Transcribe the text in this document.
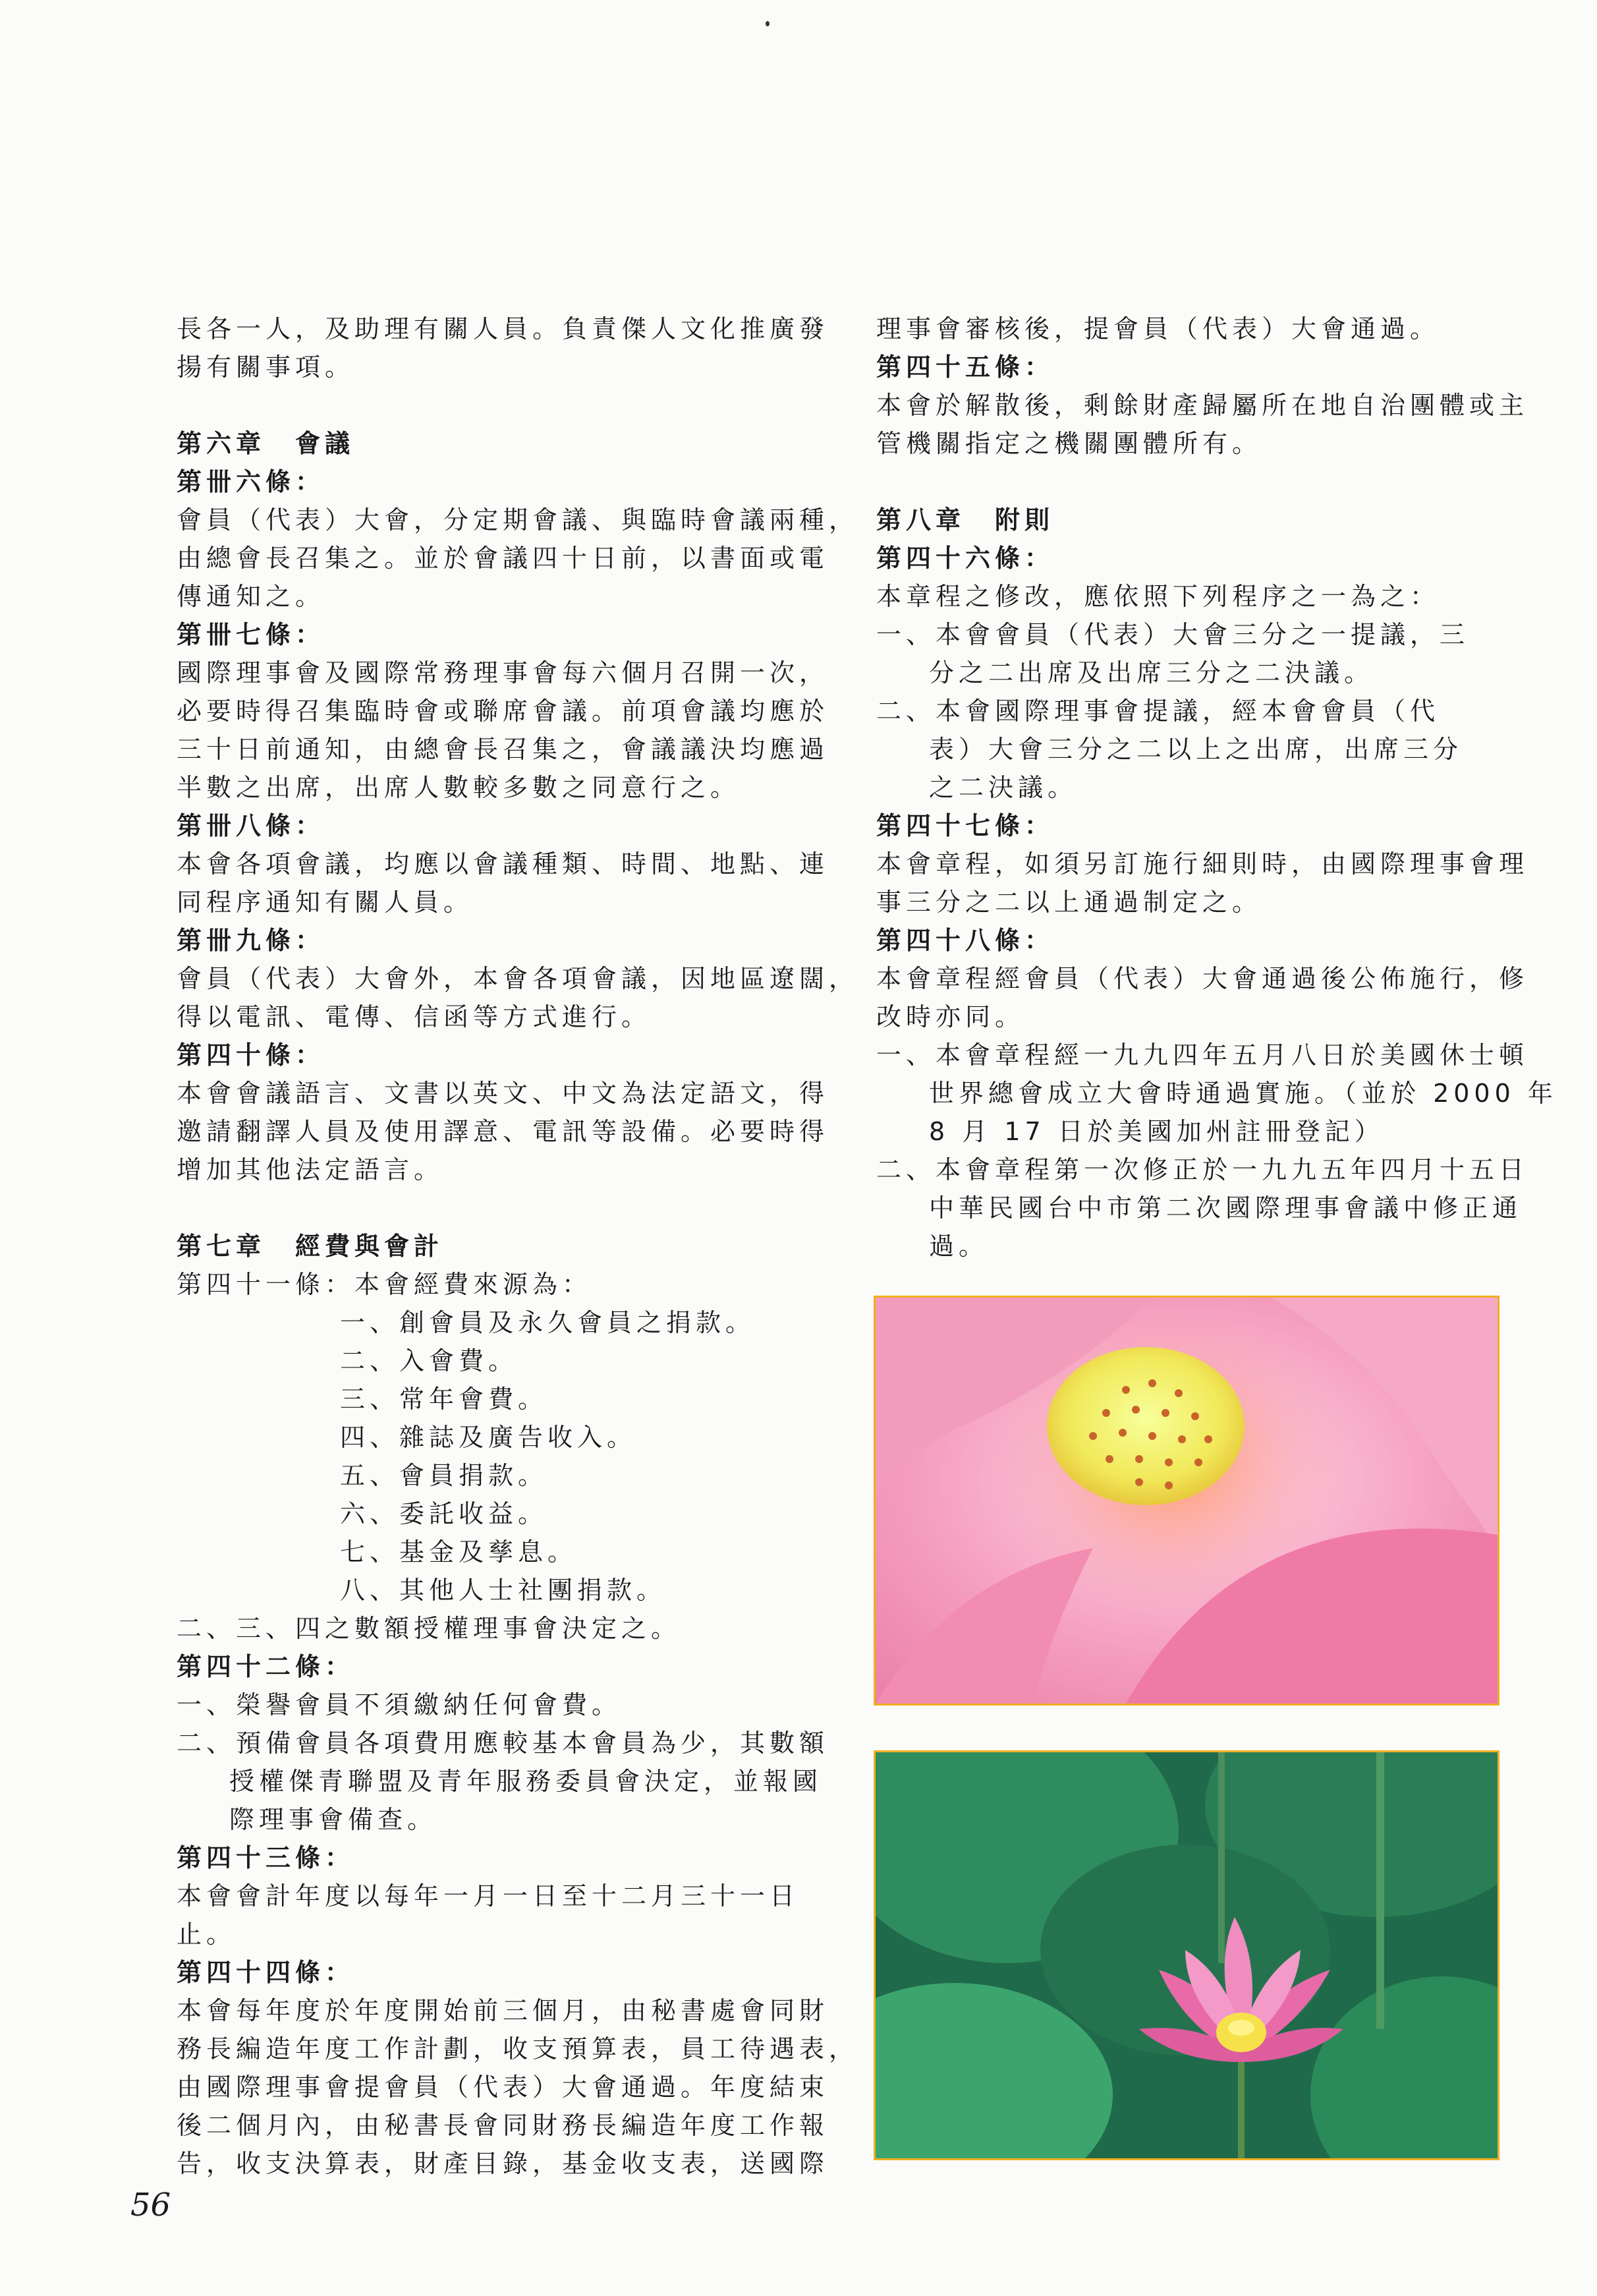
長各一人，及助理有關人員。負責傑人文化推廣發

揚有關事項。

第六章　會議

第卌六條：

會員（代表）大會，分定期會議、與臨時會議兩種，

由總會長召集之。並於會議四十日前，以書面或電

傳通知之。

第卌七條：

國際理事會及國際常務理事會每六個月召開一次，

必要時得召集臨時會或聯席會議。前項會議均應於

三十日前通知，由總會長召集之，會議議決均應過

半數之出席，出席人數較多數之同意行之。

第卌八條：

本會各項會議，均應以會議種類、時間、地點、連

同程序通知有關人員。

第卌九條：

會員（代表）大會外，本會各項會議，因地區遼闊，

得以電訊、電傳、信函等方式進行。

第四十條：

本會會議語言、文書以英文、中文為法定語文，得

邀請翻譯人員及使用譯意、電訊等設備。必要時得

增加其他法定語言。

第七章　經費與會計

第四十一條：本會經費來源為：

一、創會員及永久會員之捐款。

二、入會費。

三、常年會費。

四、雜誌及廣告收入。

五、會員捐款。

六、委託收益。

七、基金及孳息。

八、其他人士社團捐款。

二、三、四之數額授權理事會決定之。

第四十二條：

一、榮譽會員不須繳納任何會費。

二、預備會員各項費用應較基本會員為少，其數額

授權傑青聯盟及青年服務委員會決定，並報國

際理事會備查。

第四十三條：

本會會計年度以每年一月一日至十二月三十一日

止。

第四十四條：

本會每年度於年度開始前三個月，由秘書處會同財

務長編造年度工作計劃，收支預算表，員工待遇表，

由國際理事會提會員（代表）大會通過。年度結束

後二個月內，由秘書長會同財務長編造年度工作報

告，收支決算表，財產目錄，基金收支表，送國際

理事會審核後，提會員（代表）大會通過。

第四十五條：

本會於解散後，剩餘財產歸屬所在地自治團體或主

管機關指定之機關團體所有。

第八章　附則

第四十六條：

本章程之修改，應依照下列程序之一為之：

一、本會會員（代表）大會三分之一提議，三

分之二出席及出席三分之二決議。

二、本會國際理事會提議，經本會會員（代

表）大會三分之二以上之出席，出席三分

之二決議。

第四十七條：

本會章程，如須另訂施行細則時，由國際理事會理

事三分之二以上通過制定之。

第四十八條：

本會章程經會員（代表）大會通過後公佈施行，修

改時亦同。

一、本會章程經一九九四年五月八日於美國休士頓

世界總會成立大會時通過實施。（並於 2000 年

8 月 17 日於美國加州註冊登記）

二、本會章程第一次修正於一九九五年四月十五日

中華民國台中市第二次國際理事會議中修正通

過。

56
